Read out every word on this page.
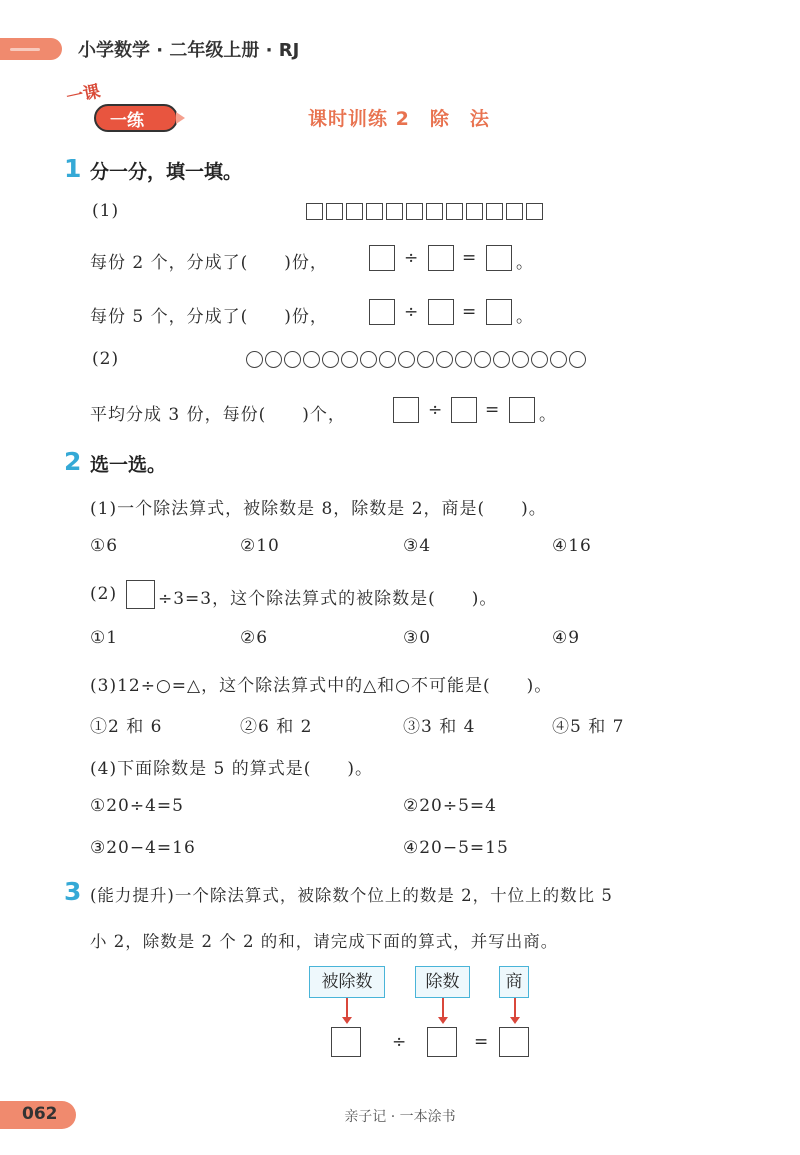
小学数学 · 二年级上册 · RJ
一课
一练	课时训练 2　除　法
1 分一分，填一填。
(1)
每份 2 个，分成了(　　)份，	÷	= 。
每份 5 个，分成了(　　)份，	÷	= 。
(2)
平均分成 3 份，每份(　　)个，	÷ = 。
2 选一选。
(1)一个除法算式，被除数是 8，除数是 2，商是(　　)。
①6	②10	③4	④16
(2) ÷3=3，这个除法算式的被除数是(　　)。
①1	②6	③0	④9
(3)12÷○=△，这个除法算式中的△和○不可能是(　　)。
①2 和 6	②6 和 2	③3 和 4	④5 和 7
(4)下面除数是 5 的算式是(　　)。
①20÷4=5	②20÷5=4
③20−4=16	④20−5=15
3 (能力提升)一个除法算式，被除数个位上的数是 2，十位上的数比 5
小 2，除数是 2 个 2 的和，请完成下面的算式，并写出商。
被除数	除数	商
÷	=
062	亲子记 · 一本涂书
